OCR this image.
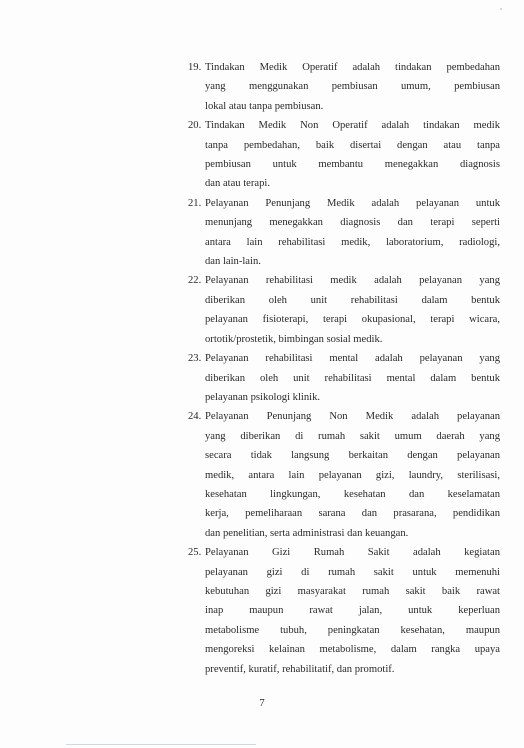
19. Tindakan Medik Operatif adalah tindakan pembedahan
yang menggunakan pembiusan umum, pembiusan
lokal atau tanpa pembiusan.
20. Tindakan Medik Non Operatif adalah tindakan medik
tanpa pembedahan, baik disertai dengan atau tanpa
pembiusan untuk membantu menegakkan diagnosis
dan atau terapi.
21. Pelayanan Penunjang Medik adalah pelayanan untuk
menunjang menegakkan diagnosis dan terapi seperti
antara lain rehabilitasi medik, laboratorium, radiologi,
dan lain-lain.
22. Pelayanan rehabilitasi medik adalah pelayanan yang
diberikan oleh unit rehabilitasi dalam bentuk
pelayanan fisioterapi, terapi okupasional, terapi wicara,
ortotik/prostetik, bimbingan sosial medik.
23. Pelayanan rehabilitasi mental adalah pelayanan yang
diberikan oleh unit rehabilitasi mental dalam bentuk
pelayanan psikologi klinik.
24. Pelayanan Penunjang Non Medik adalah pelayanan
yang diberikan di rumah sakit umum daerah yang
secara tidak langsung berkaitan dengan pelayanan
medik, antara lain pelayanan gizi, laundry, sterilisasi,
kesehatan lingkungan, kesehatan dan keselamatan
kerja, pemeliharaan sarana dan prasarana, pendidikan
dan penelitian, serta administrasi dan keuangan.
25. Pelayanan Gizi Rumah Sakit adalah kegiatan
pelayanan gizi di rumah sakit untuk memenuhi
kebutuhan gizi masyarakat rumah sakit baik rawat
inap maupun rawat jalan, untuk keperluan
metabolisme tubuh, peningkatan kesehatan, maupun
mengoreksi kelainan metabolisme, dalam rangka upaya
preventif, kuratif, rehabilitatif, dan promotif.
7
